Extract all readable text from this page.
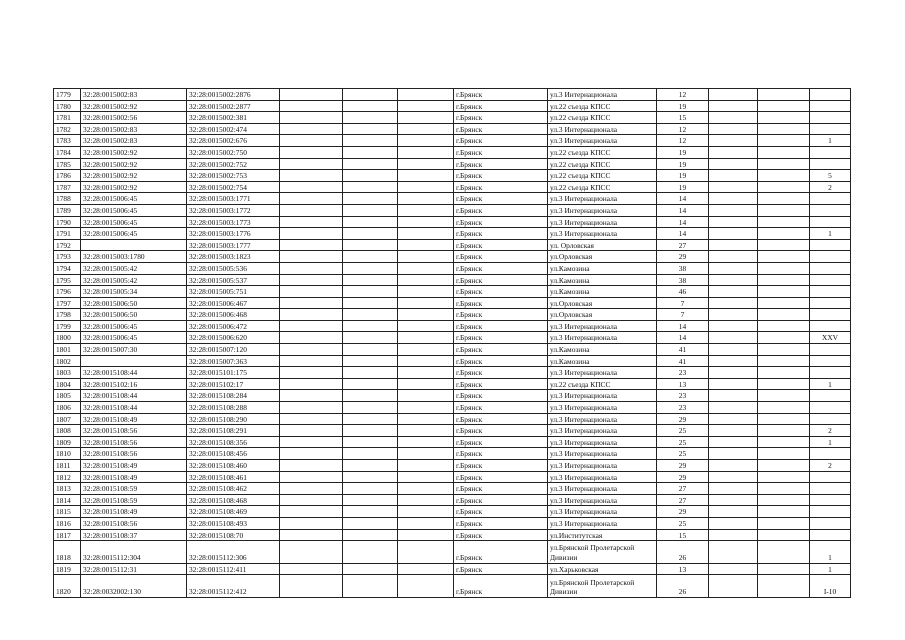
1779	32:28:0015002:83	32:28:0015002:2876				г.Брянск	ул.3 Интернационала	12			
1780	32:28:0015002:92	32:28:0015002:2877				г.Брянск	ул.22 съезда КПСС	19			
1781	32:28:0015002:56	32:28:0015002:381				г.Брянск	ул.22 съезда КПСС	15			
1782	32:28:0015002:83	32:28:0015002:474				г.Брянск	ул.3 Интернационала	12			
1783	32:28:0015002:83	32:28:0015002:676				г.Брянск	ул.3 Интернационала	12			1
1784	32:28:0015002:92	32:28:0015002:750				г.Брянск	ул.22 съезда КПСС	19			
1785	32:28:0015002:92	32:28:0015002:752				г.Брянск	ул.22 съезда КПСС	19			
1786	32:28:0015002:92	32:28:0015002:753				г.Брянск	ул.22 съезда КПСС	19			5
1787	32:28:0015002:92	32:28:0015002:754				г.Брянск	ул.22 съезда КПСС	19			2
1788	32:28:0015006:45	32:28:0015003:1771				г.Брянск	ул.3 Интернационала	14			
1789	32:28:0015006:45	32:28:0015003:1772				г.Брянск	ул.3 Интернационала	14			
1790	32:28:0015006:45	32:28:0015003:1773				г.Брянск	ул.3 Интернационала	14			
1791	32:28:0015006:45	32:28:0015003:1776				г.Брянск	ул.3 Интернационала	14			1
1792		32:28:0015003:1777				г.Брянск	ул. Орловская	27			
1793	32:28:0015003:1780	32:28:0015003:1823				г.Брянск	ул.Орловская	29			
1794	32:28:0015005:42	32:28:0015005:536				г.Брянск	ул.Камозина	38			
1795	32:28:0015005:42	32:28:0015005:537				г.Брянск	ул.Камозина	38			
1796	32:28:0015005:34	32:28:0015005:751				г.Брянск	ул.Камозина	46			
1797	32:28:0015006:50	32:28:0015006:467				г.Брянск	ул.Орловская	7			
1798	32:28:0015006:50	32:28:0015006:468				г.Брянск	ул.Орловская	7			
1799	32:28:0015006:45	32:28:0015006:472				г.Брянск	ул.3 Интернационала	14			
1800	32:28:0015006:45	32:28:0015006:620				г.Брянск	ул.3 Интернационала	14			XXV
1801	32:28:0015007:30	32:28:0015007:120				г.Брянск	ул.Камозина	41			
1802		32:28:0015007:363				г.Брянск	ул.Камозина	41			
1803	32:28:0015108:44	32:28:0015101:175				г.Брянск	ул.3 Интернационала	23			
1804	32:28:0015102:16	32:28:0015102:17				г.Брянск	ул.22 съезда КПСС	13			1
1805	32:28:0015108:44	32:28:0015108:284				г.Брянск	ул.3 Интернационала	23			
1806	32:28:0015108:44	32:28:0015108:288				г.Брянск	ул.3 Интернационала	23			
1807	32:28:0015108:49	32:28:0015108:290				г.Брянск	ул.3 Интернационала	29			
1808	32:28:0015108:56	32:28:0015108:291				г.Брянск	ул.3 Интернационала	25			2
1809	32:28:0015108:56	32:28:0015108:356				г.Брянск	ул.3 Интернационала	25			1
1810	32:28:0015108:56	32:28:0015108:456				г.Брянск	ул.3 Интернационала	25			
1811	32:28:0015108:49	32:28:0015108:460				г.Брянск	ул.3 Интернационала	29			2
1812	32:28:0015108:49	32:28:0015108:461				г.Брянск	ул.3 Интернационала	29			
1813	32:28:0015108:59	32:28:0015108:462				г.Брянск	ул.3 Интернационала	27			
1814	32:28:0015108:59	32:28:0015108:468				г.Брянск	ул.3 Интернационала	27			
1815	32:28:0015108:49	32:28:0015108:469				г.Брянск	ул.3 Интернационала	29			
1816	32:28:0015108:56	32:28:0015108:493				г.Брянск	ул.3 Интернационала	25			
1817	32:28:0015108:37	32:28:0015108:70				г.Брянск	ул.Институтская	15			
1818	32:28:0015112:304	32:28:0015112:306				г.Брянск	ул.Брянской Пролетарской
Дивизии	26			1
1819	32:28:0015112:31	32:28:0015112:411				г.Брянск	ул.Харьковская	13			1
1820	32:28:0032002:130	32:28:0015112:412				г.Брянск	ул.Брянской Пролетарской
Дивизии	26			I-10
